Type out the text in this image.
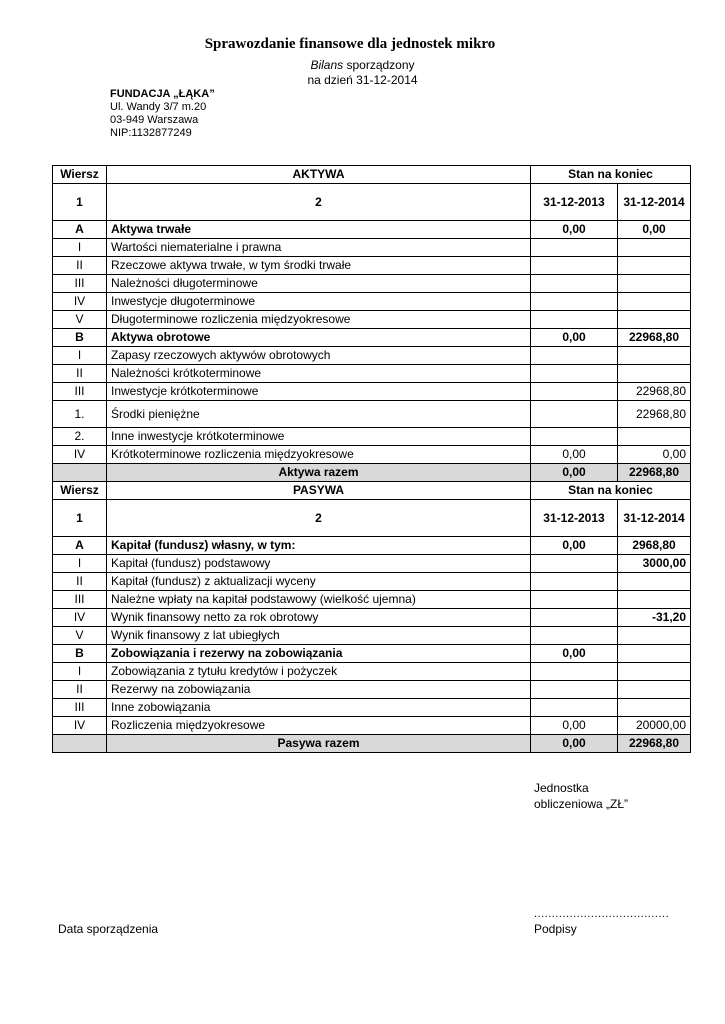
Sprawozdanie finansowe dla jednostek mikro
Bilans sporządzony
na dzień 31-12-2014
FUNDACJA „ŁĄKA”
Ul. Wandy 3/7 m.20
03-949 Warszawa
NIP:1132877249
Wiersz	AKTYWA	Stan na koniec	
1	2	31-12-2013	31-12-2014
A	Aktywa trwałe	0,00	0,00
I	Wartości niematerialne i prawna		
II	Rzeczowe aktywa trwałe, w tym środki trwałe		
III	Należności długoterminowe		
IV	Inwestycje długoterminowe		
V	Długoterminowe rozliczenia międzyokresowe		
B	Aktywa obrotowe	0,00	22968,80
I	Zapasy rzeczowych aktywów obrotowych		
II	Należności krótkoterminowe		
III	Inwestycje krótkoterminowe		22968,80
1.	Środki pieniężne		22968,80
2.	Inne inwestycje krótkoterminowe		
IV	Krótkoterminowe rozliczenia międzyokresowe	0,00	0,00
	Aktywa razem	0,00	22968,80
Wiersz	PASYWA	Stan na koniec	
1	2	31-12-2013	31-12-2014
A	Kapitał (fundusz) własny, w tym:	0,00	2968,80
I	Kapitał (fundusz) podstawowy		3000,00
II	Kapitał (fundusz) z aktualizacji wyceny		
III	Należne wpłaty na kapitał podstawowy (wielkość ujemna)		
IV	Wynik finansowy netto za rok obrotowy		-31,20
V	Wynik finansowy z lat ubiegłych		
B	Zobowiązania i rezerwy na zobowiązania	0,00	
I	Zobowiązania z tytułu kredytów i pożyczek		
II	Rezerwy na zobowiązania		
III	Inne zobowiązania		
IV	Rozliczenia międzyokresowe	0,00	20000,00
	Pasywa razem	0,00	22968,80
Jednostka
obliczeniowa „ZŁ”
......................................
Data sporządzenia	Podpisy
